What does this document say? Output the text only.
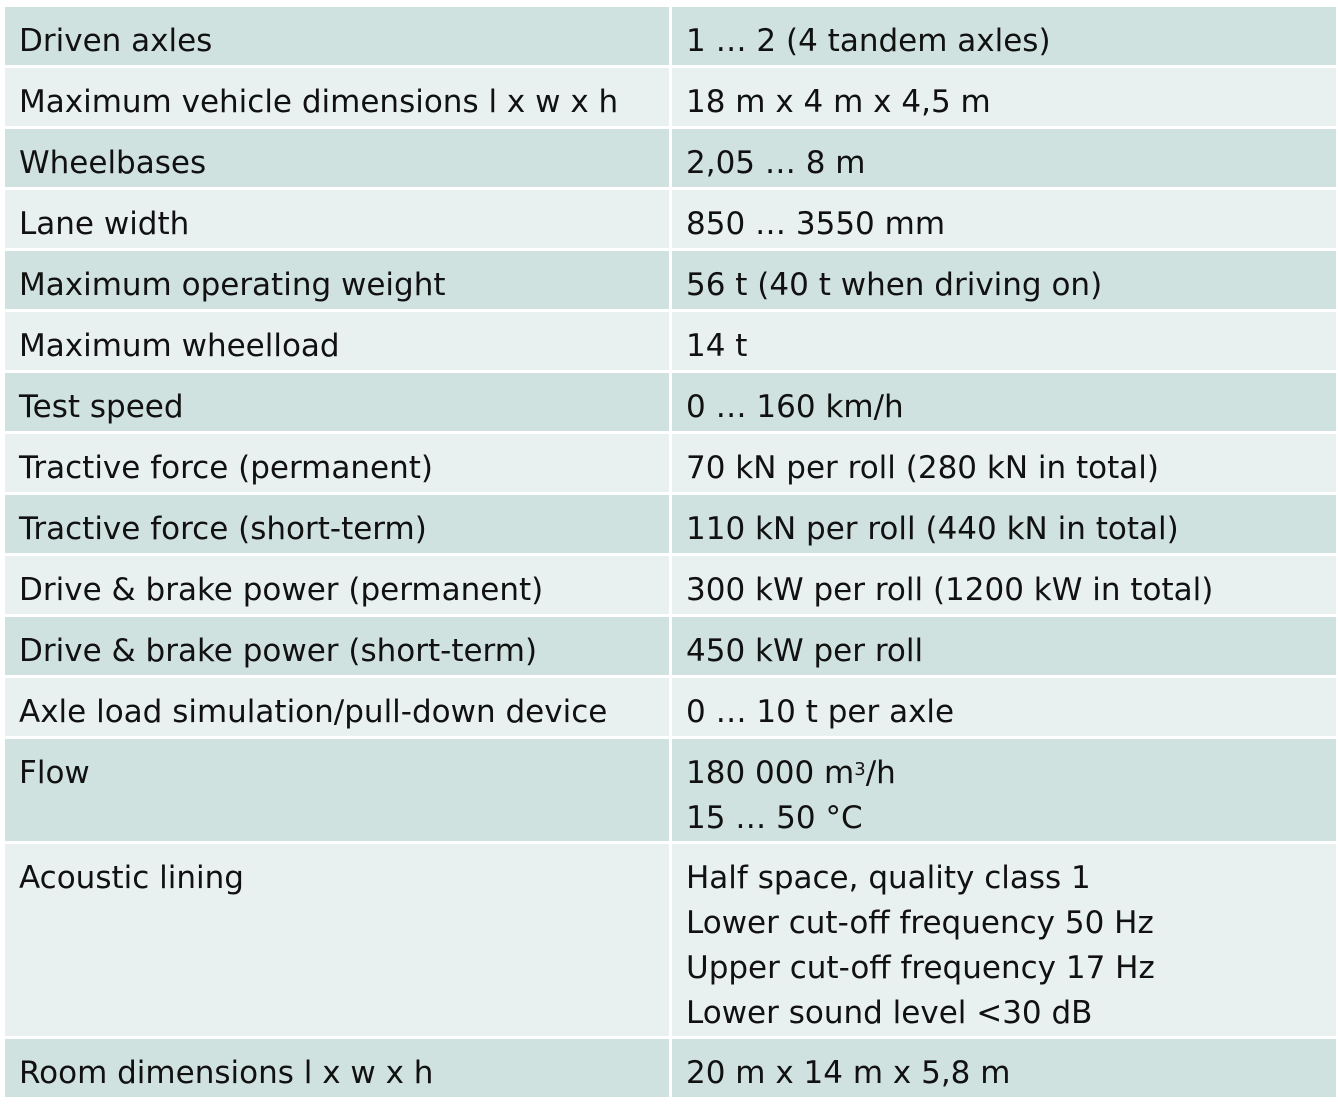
Driven axles	1 … 2 (4 tandem axles)

Maximum vehicle dimensions l x w x h	18 m x 4 m x 4,5 m

Wheelbases	2,05 … 8 m

Lane width	850 … 3550 mm

Maximum operating weight	56 t (40 t when driving on)

Maximum wheelload	14 t

Test speed	0 … 160 km/h

Tractive force (permanent)	70 kN per roll (280 kN in total)

Tractive force (short-term)	110 kN per roll (440 kN in total)

Drive & brake power (permanent)	300 kW per roll (1200 kW in total)

Drive & brake power (short-term)	450 kW per roll

Axle load simulation/pull-down device	0 … 10 t per axle

Flow	180 000 $m^3/h$
15 … 50 °C

Acoustic lining	Half space, quality class 1
Lower cut-off frequency 50 Hz
Upper cut-off frequency 17 Hz
Lower sound level <30 dB

Room dimensions l x w x h	20 m x 14 m x 5,8 m
